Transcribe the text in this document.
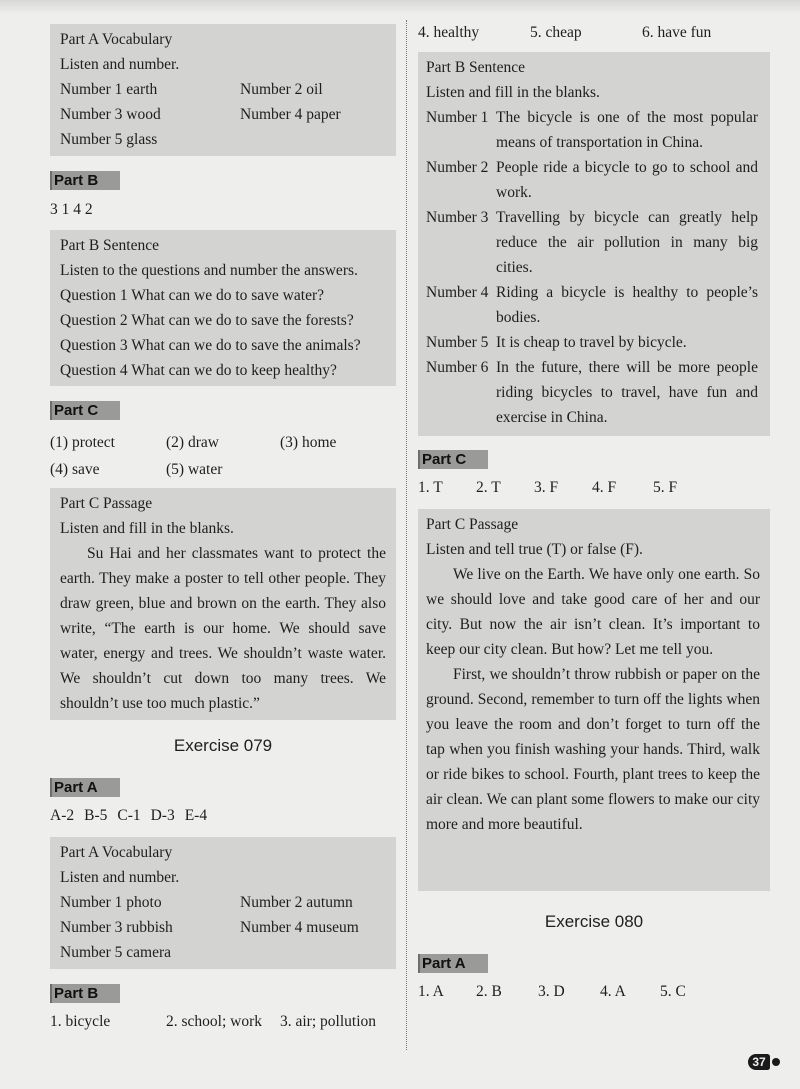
Part A Vocabulary

Listen and number.

Number 1 earth	Number 2 oil
Number 3 wood	Number 4 paper
Number 5 glass
Part B
3 1 4 2

Part B Sentence

Listen to the questions and number the answers.

Question 1 What can we do to save water?

Question 2 What can we do to save the forests?

Question 3 What can we do to save the animals?

Question 4 What can we do to keep healthy?

Part C
(1) protect	(2) draw	(3) home
(4) save	(5) water

Part C Passage

Listen and fill in the blanks.

Su Hai and her classmates want to protect the earth. They make a poster to tell other people. They draw green, blue and brown on the earth. They also write, “The earth is our home. We should save water, energy and trees. We shouldn’t waste water. We shouldn’t cut down too many trees. We shouldn’t use too much plastic.”

Exercise 079
Part A
A-2 B-5 C-1 D-3 E-4

Part A Vocabulary

Listen and number.

Number 1 photo	Number 2 autumn
Number 3 rubbish	Number 4 museum
Number 5 camera
Part B
1. bicycle	2. school; work 3. air; pollution
4. healthy	5. cheap	6. have fun

Part B Sentence

Listen and fill in the blanks.

Number 1 The bicycle is one of the most popular means of transportation in China.
Number 2 People ride a bicycle to go to school and work.
Number 3 Travelling by bicycle can greatly help reduce the air pollution in many big cities.
Number 4 Riding a bicycle is healthy to people’s bodies.
Number 5 It is cheap to travel by bicycle.
Number 6 In the future, there will be more people riding bicycles to travel, have fun and exercise in China.
Part C
1. T 2. T 3. F 4. F 5. F

Part C Passage

Listen and tell true (T) or false (F).

We live on the Earth. We have only one earth. So we should love and take good care of her and our city. But now the air isn’t clean. It’s important to keep our city clean. But how? Let me tell you.

First, we shouldn’t throw rubbish or paper on the ground. Second, remember to turn off the lights when you leave the room and don’t forget to turn off the tap when you finish washing your hands. Third, walk or ride bikes to school. Fourth, plant trees to keep the air clean. We can plant some flowers to make our city more and more beautiful.

Exercise 080
Part A
1. A 2. B 3. D 4. A 5. C
37
